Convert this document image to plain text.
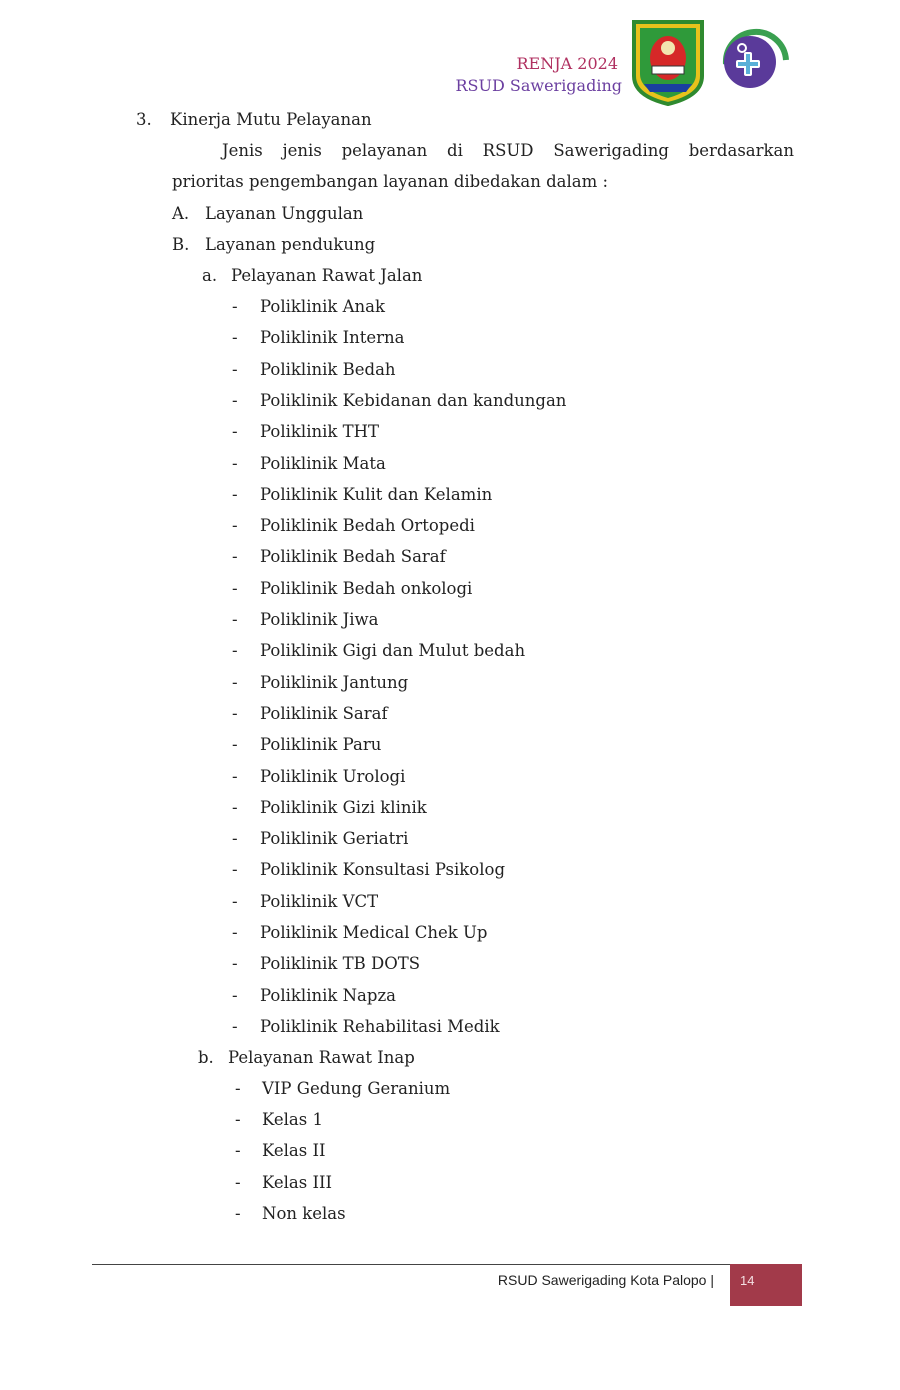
RENJA 2024
RSUD Sawerigading
3. Kinerja Mutu Pelayanan
Jenis jenis pelayanan di RSUD Sawerigading berdasarkan
prioritas pengembangan layanan dibedakan dalam :
A. Layanan Unggulan
B. Layanan pendukung
a. Pelayanan Rawat Jalan
- Poliklinik Anak
- Poliklinik Interna
- Poliklinik Bedah
- Poliklinik Kebidanan dan kandungan
- Poliklinik THT
- Poliklinik Mata
- Poliklinik Kulit dan Kelamin
- Poliklinik Bedah Ortopedi
- Poliklinik Bedah Saraf
- Poliklinik Bedah onkologi
- Poliklinik Jiwa
- Poliklinik Gigi dan Mulut bedah
- Poliklinik Jantung
- Poliklinik Saraf
- Poliklinik Paru
- Poliklinik Urologi
- Poliklinik Gizi klinik
- Poliklinik Geriatri
- Poliklinik Konsultasi Psikolog
- Poliklinik VCT
- Poliklinik Medical Chek Up
- Poliklinik TB DOTS
- Poliklinik Napza
- Poliklinik Rehabilitasi Medik
b. Pelayanan Rawat Inap
- VIP Gedung Geranium
- Kelas 1
- Kelas II
- Kelas III
- Non kelas
RSUD Sawerigading Kota Palopo | 14
